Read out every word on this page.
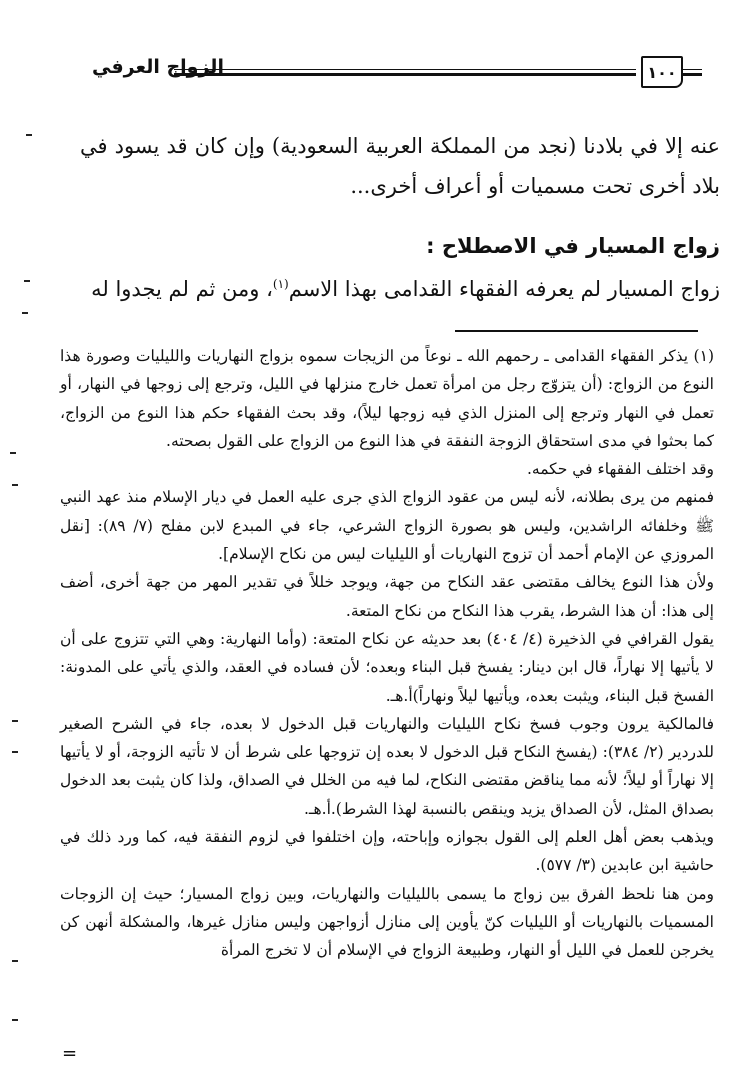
الزواج العرفي	١٠٠

عنه إلا في بلادنا (نجد من المملكة العربية السعودية) وإن كان قد يسود في بلاد أخرى تحت مسميات أو أعراف أخرى...

زواج المسيار في الاصطلاح :

زواج المسيار لم يعرفه الفقهاء القدامى بهذا الاسم$^{(١)}$، ومن ثم لم يجدوا له

(١) يذكر الفقهاء القدامى ـ رحمهم الله ـ نوعاً من الزيجات سموه بزواج النهاريات والليليات وصورة هذا النوع من الزواج: (أن يتزوّج رجل من امرأة تعمل خارج منزلها في الليل، وترجع إلى زوجها في النهار، أو تعمل في النهار وترجع إلى المنزل الذي فيه زوجها ليلاً)، وقد بحث الفقهاء حكم هذا النوع من الزواج، كما بحثوا في مدى استحقاق الزوجة النفقة في هذا النوع من الزواج على القول بصحته.

وقد اختلف الفقهاء في حكمه.

فمنهم من يرى بطلانه، لأنه ليس من عقود الزواج الذي جرى عليه العمل في ديار الإسلام منذ عهد النبي ﷺ وخلفائه الراشدين، وليس هو بصورة الزواج الشرعي، جاء في المبدع لابن مفلح (٧/ ٨٩): [نقل المروزي عن الإمام أحمد أن تزوج النهاريات أو الليليات ليس من نكاح الإسلام].

ولأن هذا النوع يخالف مقتضى عقد النكاح من جهة، ويوجد خللاً في تقدير المهر من جهة أخرى، أضف إلى هذا: أن هذا الشرط، يقرب هذا النكاح من نكاح المتعة.

يقول القرافي في الذخيرة (٤/ ٤٠٤) بعد حديثه عن نكاح المتعة: (وأما النهارية: وهي التي تتزوج على أن لا يأتيها إلا نهاراً، قال ابن دينار: يفسخ قبل البناء وبعده؛ لأن فساده في العقد، والذي يأتي على المدونة: الفسخ قبل البناء، ويثبت بعده، ويأتيها ليلاً ونهاراً)أ.هـ.

فالمالكية يرون وجوب فسخ نكاح الليليات والنهاريات قبل الدخول لا بعده، جاء في الشرح الصغير للدردير (٢/ ٣٨٤): (يفسخ النكاح قبل الدخول لا بعده إن تزوجها على شرط أن لا تأتيه الزوجة، أو لا يأتيها إلا نهاراً أو ليلاً؛ لأنه مما يناقض مقتضى النكاح، لما فيه من الخلل في الصداق، ولذا كان يثبت بعد الدخول بصداق المثل، لأن الصداق يزيد وينقص بالنسبة لهذا الشرط).أ.هـ.

ويذهب بعض أهل العلم إلى القول بجوازه وإباحته، وإن اختلفوا في لزوم النفقة فيه، كما ورد ذلك في حاشية ابن عابدين (٣/ ٥٧٧).

ومن هنا نلحظ الفرق بين زواج ما يسمى بالليليات والنهاريات، وبين زواج المسيار؛ حيث إن الزوجات المسميات بالنهاريات أو الليليات كنّ يأوين إلى منازل أزواجهن وليس منازل غيرها، والمشكلة أنهن كن يخرجن للعمل في الليل أو النهار، وطبيعة الزواج في الإسلام أن لا تخرج المرأة

=
